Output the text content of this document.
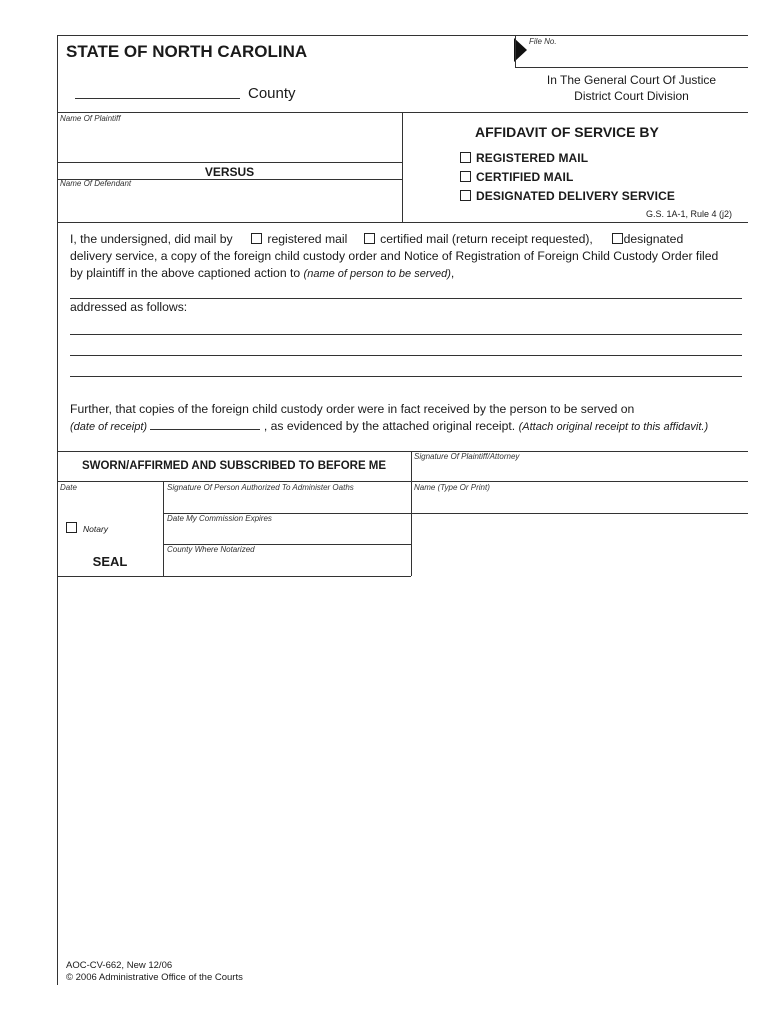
STATE OF NORTH CAROLINA
County
File No.
In The General Court Of Justice
District Court Division
Name Of Plaintiff
VERSUS
Name Of Defendant
AFFIDAVIT OF SERVICE BY
REGISTERED MAIL
CERTIFIED MAIL
DESIGNATED DELIVERY SERVICE
G.S. 1A-1, Rule 4 (j2)
I, the undersigned, did mail by	registered mail	certified mail (return receipt requested),	designated
delivery service, a copy of the foreign child custody order and Notice of Registration of Foreign Child Custody Order filed
by plaintiff in the above captioned action to (name of person to be served),
addressed as follows:
Further, that copies of the foreign child custody order were in fact received by the person to be served on
(date of receipt)	, as evidenced by the attached original receipt. (Attach original receipt to this affidavit.)
SWORN/AFFIRMED AND SUBSCRIBED TO BEFORE ME
Signature Of Plaintiff/Attorney
Date	Signature Of Person Authorized To Administer Oaths	Name (Type Or Print)
Date My Commission Expires
Notary
County Where Notarized
SEAL
AOC-CV-662, New 12/06
© 2006 Administrative Office of the Courts
